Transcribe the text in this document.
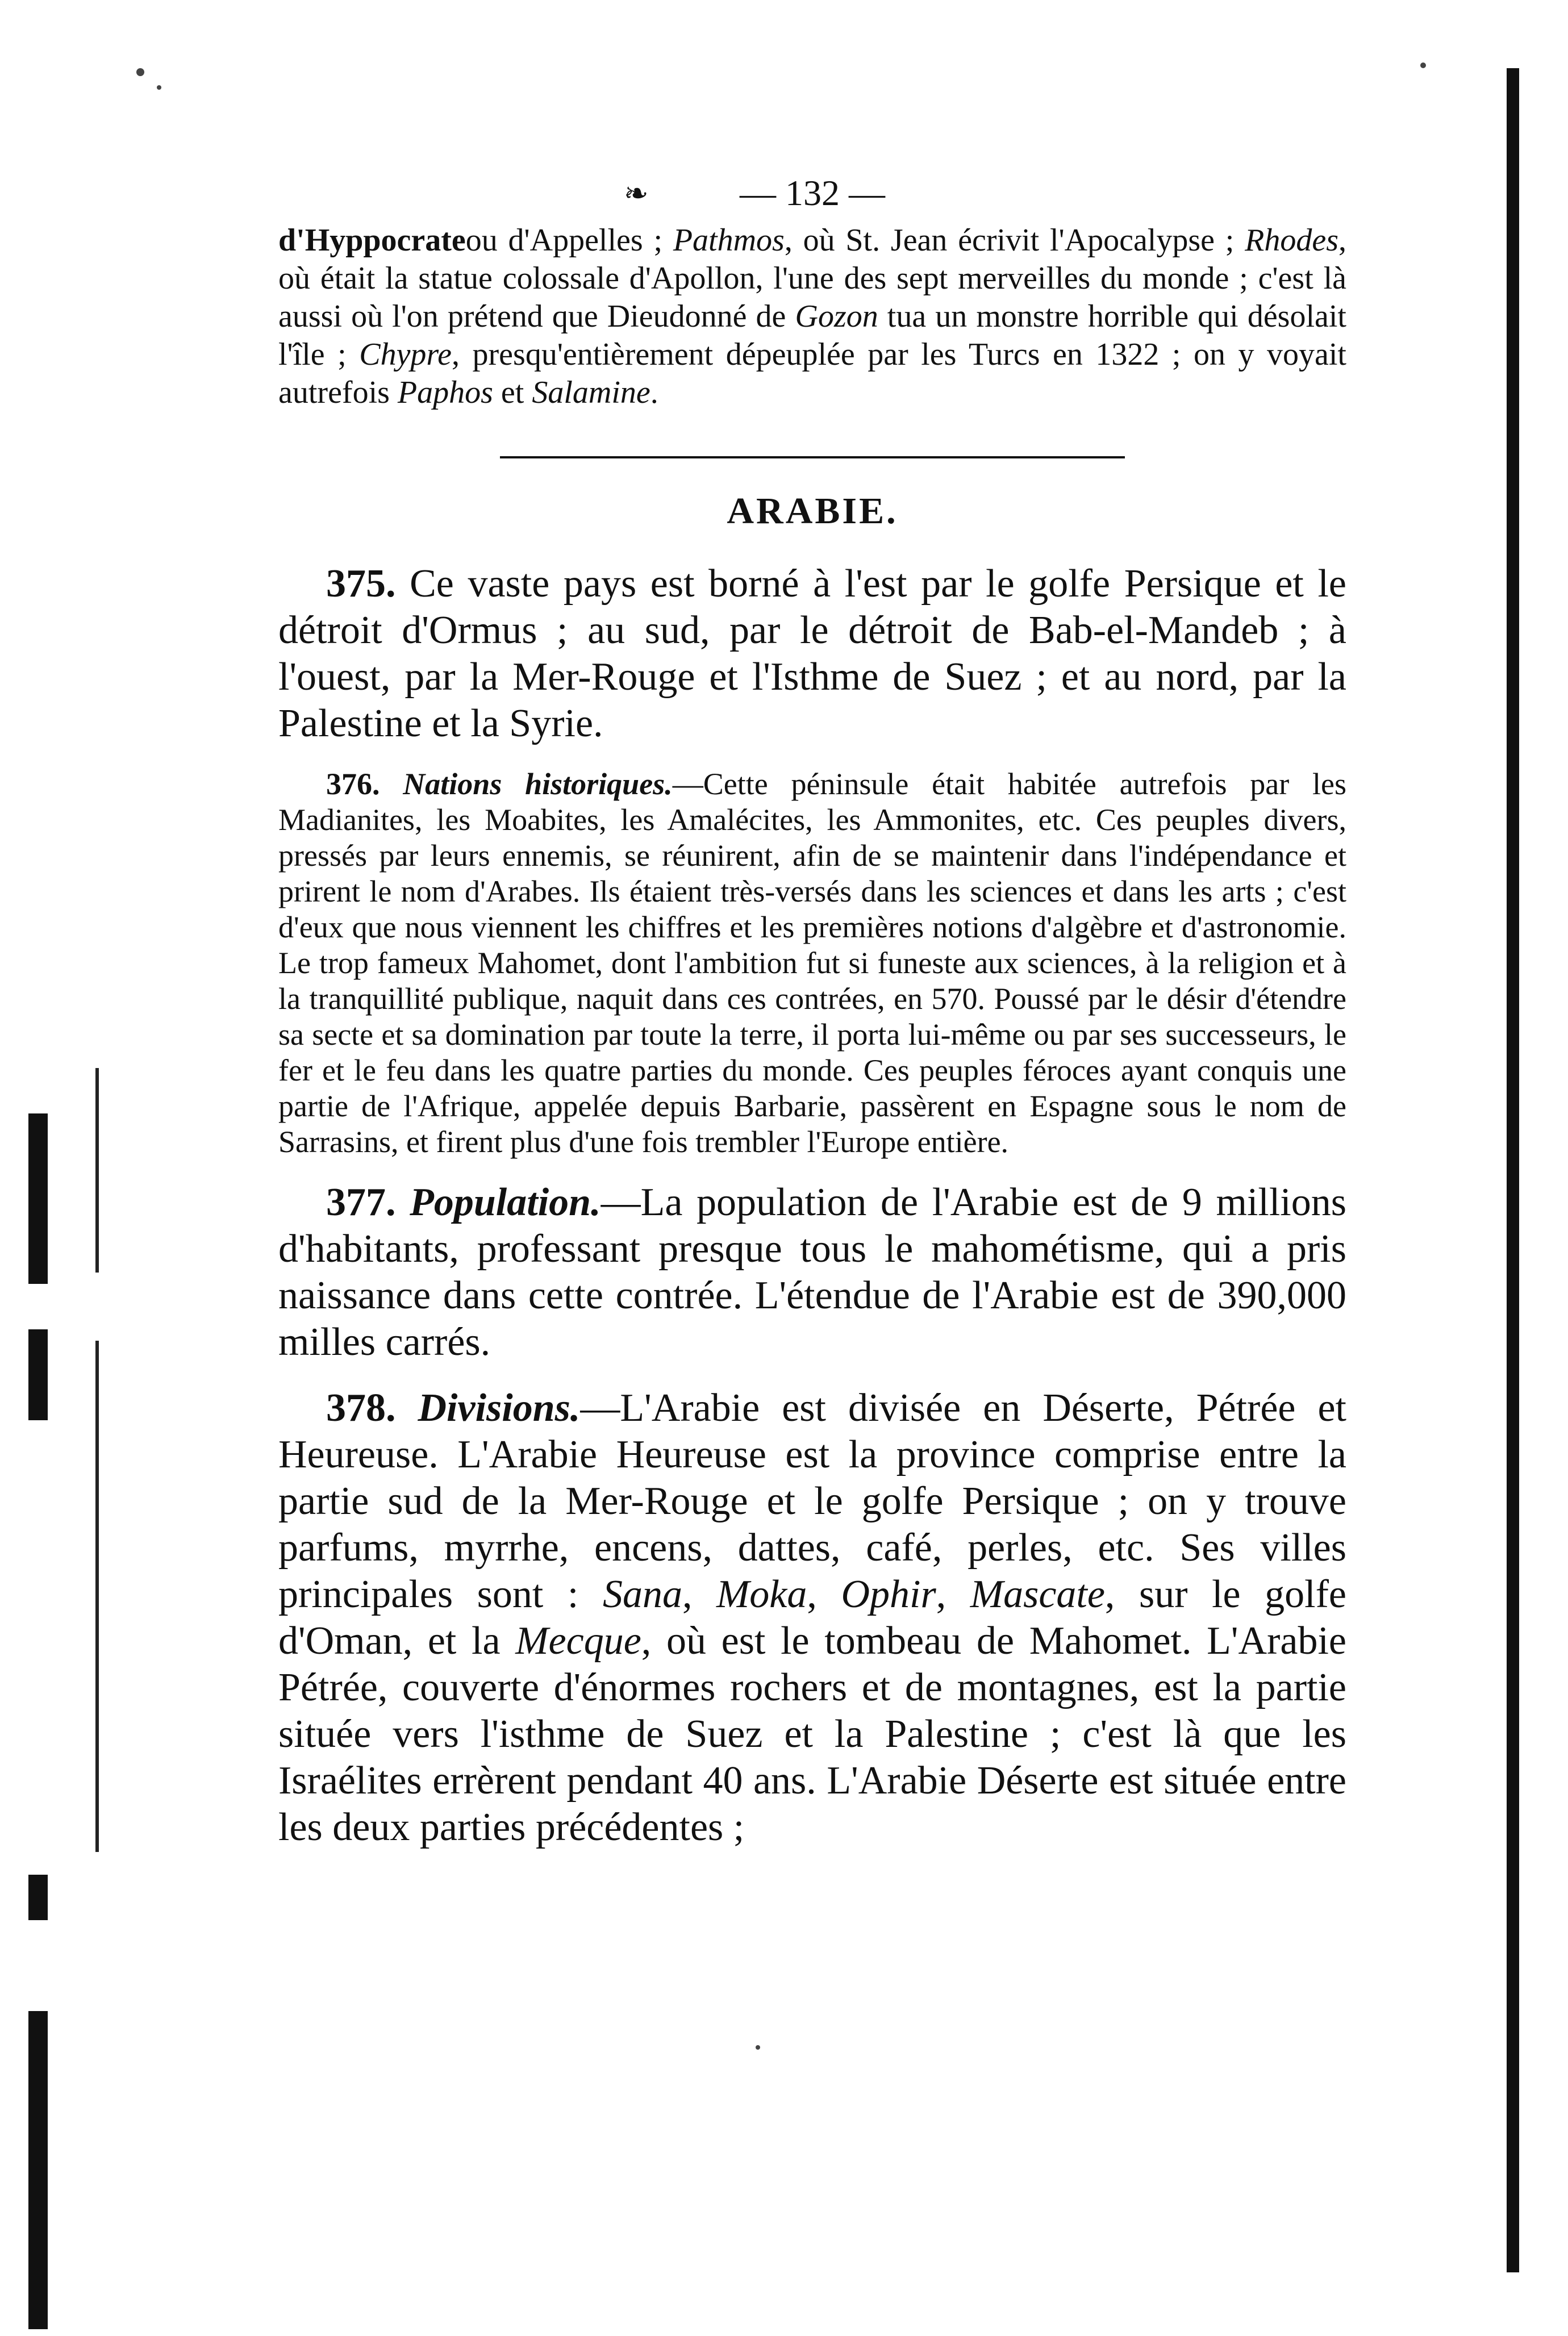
❧	— 132 —

d'Hyppocrateou d'Appelles ; Pathmos, où St. Jean écrivit l'Apocalypse ; Rhodes, où était la statue colossale d'Apollon, l'une des sept merveilles du monde ; c'est là aussi où l'on prétend que Dieudonné de Gozon tua un monstre horrible qui désolait l'île ; Chypre, presqu'entièrement dépeuplée par les Turcs en 1322 ; on y voyait autrefois Paphos et Salamine.

ARABIE.

375. Ce vaste pays est borné à l'est par le golfe Persique et le détroit d'Ormus ; au sud, par le détroit de Bab-el-Mandeb ; à l'ouest, par la Mer-Rouge et l'Isthme de Suez ; et au nord, par la Palestine et la Syrie.

376. Nations historiques.—Cette péninsule était habitée autrefois par les Madianites, les Moabites, les Amalécites, les Ammonites, etc. Ces peuples divers, pressés par leurs ennemis, se réunirent, afin de se maintenir dans l'indépendance et prirent le nom d'Arabes. Ils étaient très-versés dans les sciences et dans les arts ; c'est d'eux que nous viennent les chiffres et les premières notions d'algèbre et d'astronomie. Le trop fameux Mahomet, dont l'ambition fut si funeste aux sciences, à la religion et à la tranquillité publique, naquit dans ces contrées, en 570. Poussé par le désir d'étendre sa secte et sa domination par toute la terre, il porta lui-même ou par ses successeurs, le fer et le feu dans les quatre parties du monde. Ces peuples féroces ayant conquis une partie de l'Afrique, appelée depuis Barbarie, passèrent en Espagne sous le nom de Sarrasins, et firent plus d'une fois trembler l'Europe entière.

377. Population.—La population de l'Arabie est de 9 millions d'habitants, professant presque tous le mahométisme, qui a pris naissance dans cette contrée. L'étendue de l'Arabie est de 390,000 milles carrés.

378. Divisions.—L'Arabie est divisée en Déserte, Pétrée et Heureuse. L'Arabie Heureuse est la province comprise entre la partie sud de la Mer-Rouge et le golfe Persique ; on y trouve parfums, myrrhe, encens, dattes, café, perles, etc. Ses villes principales sont : Sana, Moka, Ophir, Mascate, sur le golfe d'Oman, et la Mecque, où est le tombeau de Mahomet. L'Arabie Pétrée, couverte d'énormes rochers et de montagnes, est la partie située vers l'isthme de Suez et la Palestine ; c'est là que les Israélites errèrent pendant 40 ans. L'Arabie Déserte est située entre les deux parties précédentes ;
